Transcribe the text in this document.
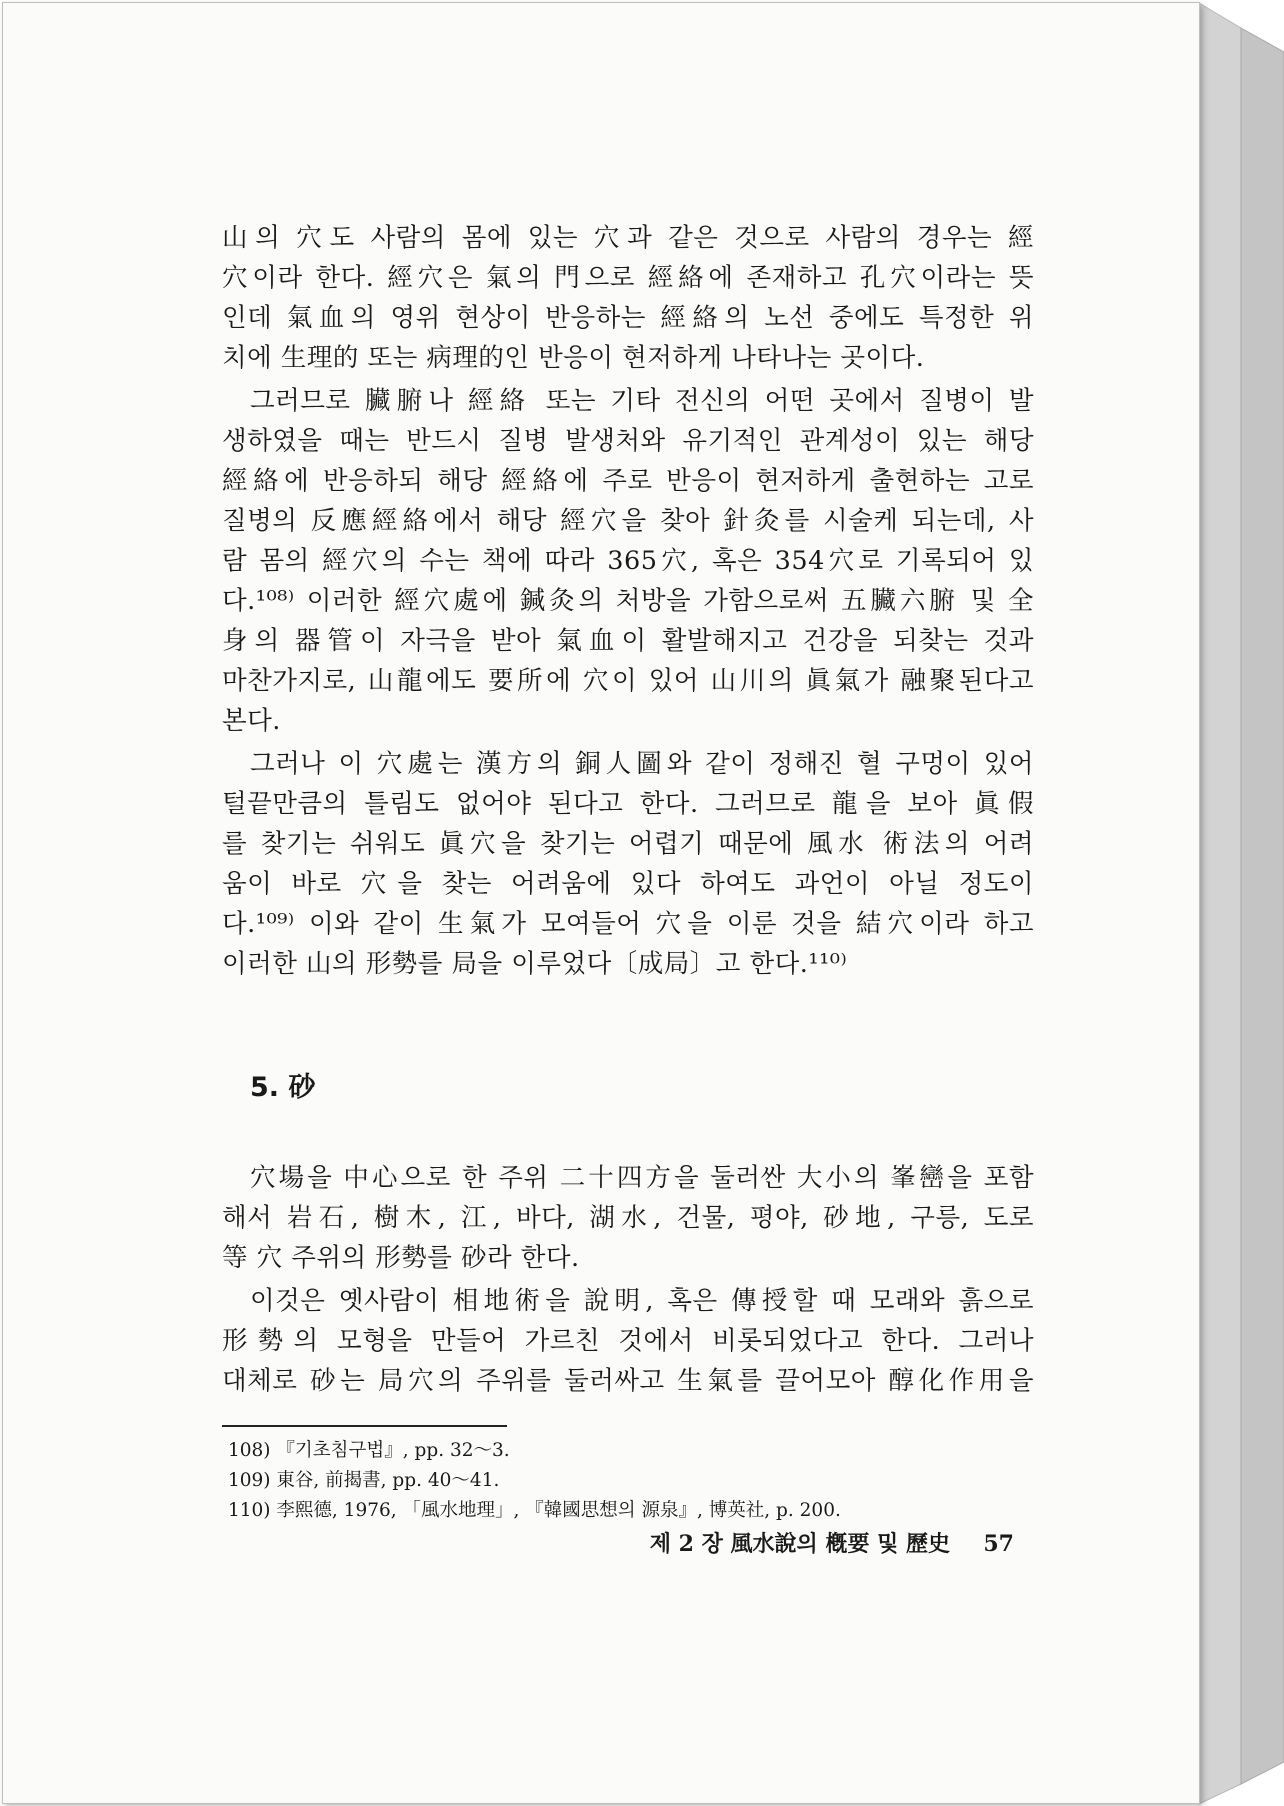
山의 穴도 사람의 몸에 있는 穴과 같은 것으로 사람의 경우는 經
穴이라 한다. 經穴은 氣의 門으로 經絡에 존재하고 孔穴이라는 뜻
인데 氣血의 영위 현상이 반응하는 經絡의 노선 중에도 특정한 위
치에 生理的 또는 病理的인 반응이 현저하게 나타나는 곳이다.
그러므로 臟腑나 經絡 또는 기타 전신의 어떤 곳에서 질병이 발
생하였을 때는 반드시 질병 발생처와 유기적인 관계성이 있는 해당
經絡에 반응하되 해당 經絡에 주로 반응이 현저하게 출현하는 고로
질병의 反應經絡에서 해당 經穴을 찾아 針灸를 시술케 되는데, 사
람 몸의 經穴의 수는 책에 따라 365穴, 혹은 354穴로 기록되어 있
다.¹⁰⁸⁾ 이러한 經穴處에 鍼灸의 처방을 가함으로써 五臟六腑 및 全
身의 器管이 자극을 받아 氣血이 활발해지고 건강을 되찾는 것과
마찬가지로, 山龍에도 要所에 穴이 있어 山川의 眞氣가 融聚된다고
본다.
그러나 이 穴處는 漢方의 銅人圖와 같이 정해진 혈 구멍이 있어
털끝만큼의 틀림도 없어야 된다고 한다. 그러므로 龍을 보아 眞假
를 찾기는 쉬워도 眞穴을 찾기는 어렵기 때문에 風水 術法의 어려
움이 바로 穴을 찾는 어려움에 있다 하여도 과언이 아닐 정도이
다.¹⁰⁹⁾ 이와 같이 生氣가 모여들어 穴을 이룬 것을 結穴이라 하고
이러한 山의 形勢를 局을 이루었다〔成局〕고 한다.¹¹⁰⁾
5. 砂
穴場을 中心으로 한 주위 二十四方을 둘러싼 大小의 峯巒을 포함
해서 岩石, 樹木, 江, 바다, 湖水, 건물, 평야, 砂地, 구릉, 도로
等 穴 주위의 形勢를 砂라 한다.
이것은 옛사람이 相地術을 說明, 혹은 傳授할 때 모래와 흙으로
形勢의 모형을 만들어 가르친 것에서 비롯되었다고 한다. 그러나
대체로 砂는 局穴의 주위를 둘러싸고 生氣를 끌어모아 醇化作用을
108) 『기초침구법』, pp. 32～3.
109) 東谷, 前揭書, pp. 40～41.
110) 李熙德, 1976, 「風水地理」, 『韓國思想의 源泉』, 博英社, p. 200.
제 2 장 風水說의 槪要 및 歷史 57
